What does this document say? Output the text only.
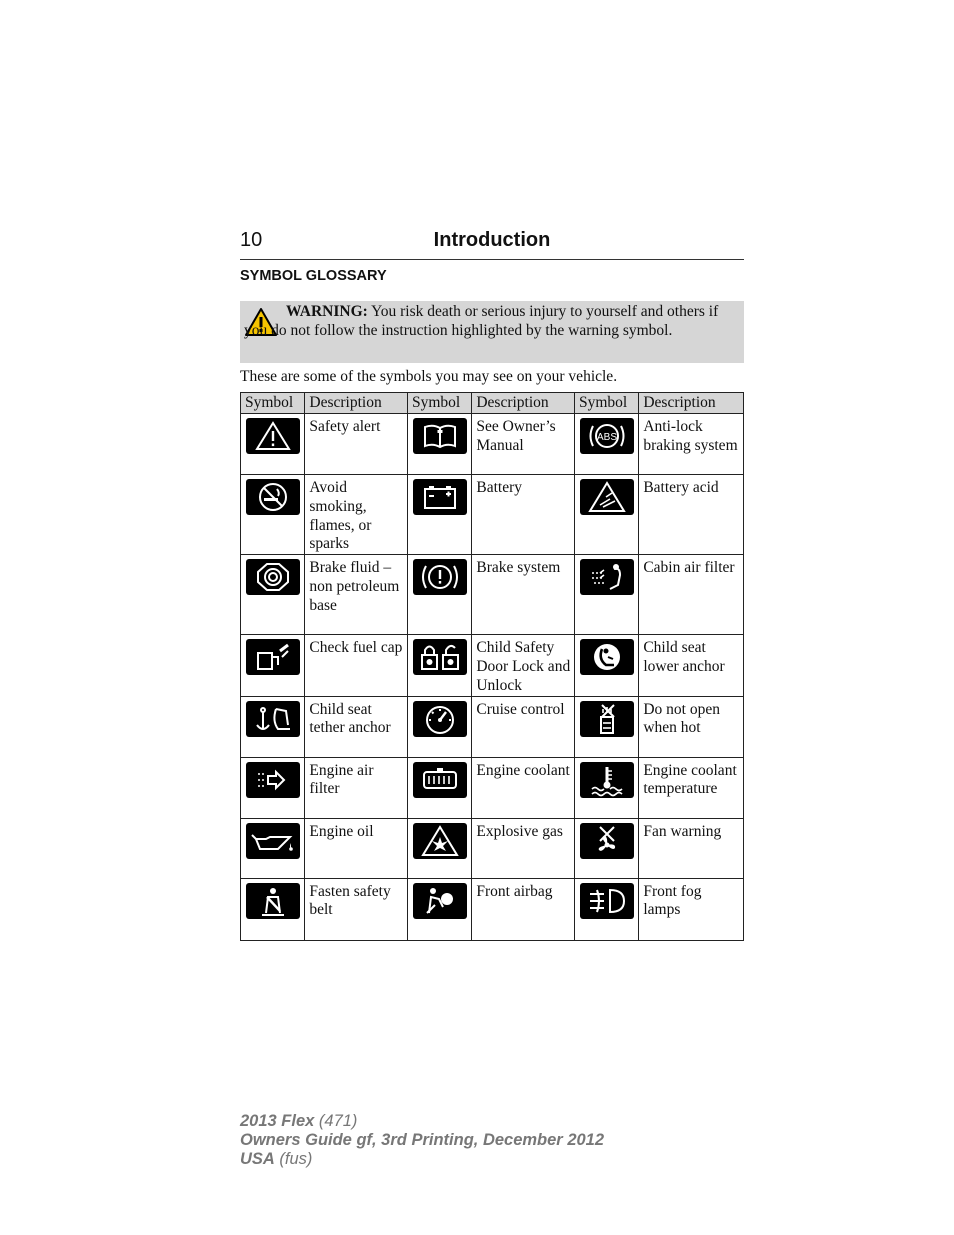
10	Introduction
SYMBOL GLOSSARY
WARNING: You risk death or serious injury to yourself and others if you do not follow the instruction highlighted by the warning symbol.
These are some of the symbols you may see on your vehicle.
Symbol	Description	Symbol	Description	Symbol	Description

	Safety alert		See Owner’s Manual	ABS	Anti-lock braking system

	Avoid smoking, flames, or sparks		Battery		Battery acid

	Brake fluid – non petroleum base		Brake system		Cabin air filter

	Check fuel cap		Child Safety Door Lock and Unlock		Child seat lower anchor

	Child seat tether anchor		Cruise control		Do not open when hot

	Engine air filter		Engine coolant		Engine coolant temperature

	Engine oil		Explosive gas		Fan warning

	Fasten safety belt		Front airbag		Front fog lamps
2013 Flex (471)
Owners Guide gf, 3rd Printing, December 2012
USA (fus)
